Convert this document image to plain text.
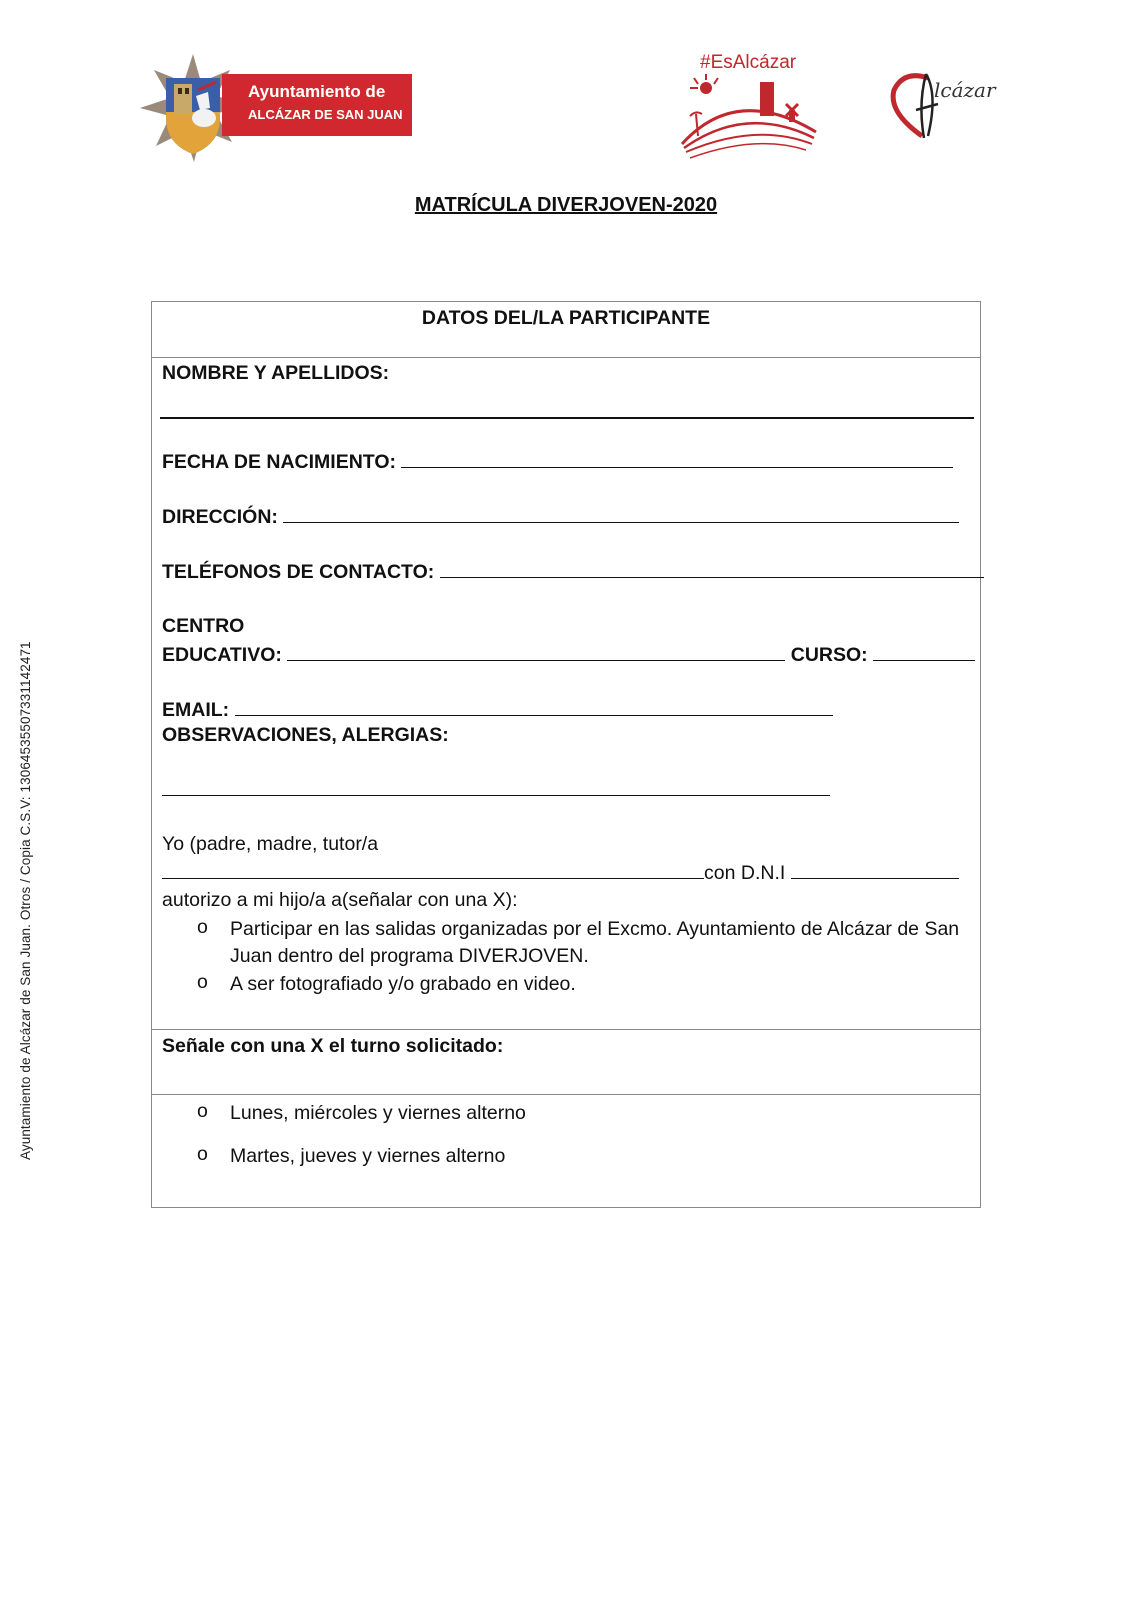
Ayuntamiento de Alcázar de San Juan. Otros / Copia C.S.V: 13064535507331142471
Ayuntamiento de
ALCÁZAR DE SAN JUAN
#EsAlcázar
lcázar
MATRÍCULA DIVERJOVEN-2020
DATOS DEL/LA PARTICIPANTE
NOMBRE Y APELLIDOS:
FECHA DE NACIMIENTO:
DIRECCIÓN:
TELÉFONOS DE CONTACTO:
CENTRO
EDUCATIVO:	CURSO:
EMAIL:
OBSERVACIONES, ALERGIAS:
Yo (padre, madre, tutor/a
con D.N.I
autorizo a mi hijo/a a(señalar con una X):
o Participar en las salidas organizadas por el Excmo. Ayuntamiento de Alcázar de San Juan dentro del programa DIVERJOVEN.
o A ser fotografiado y/o grabado en video.
Señale con una X el turno solicitado:
o Lunes, miércoles y viernes alterno
o Martes, jueves y viernes alterno
